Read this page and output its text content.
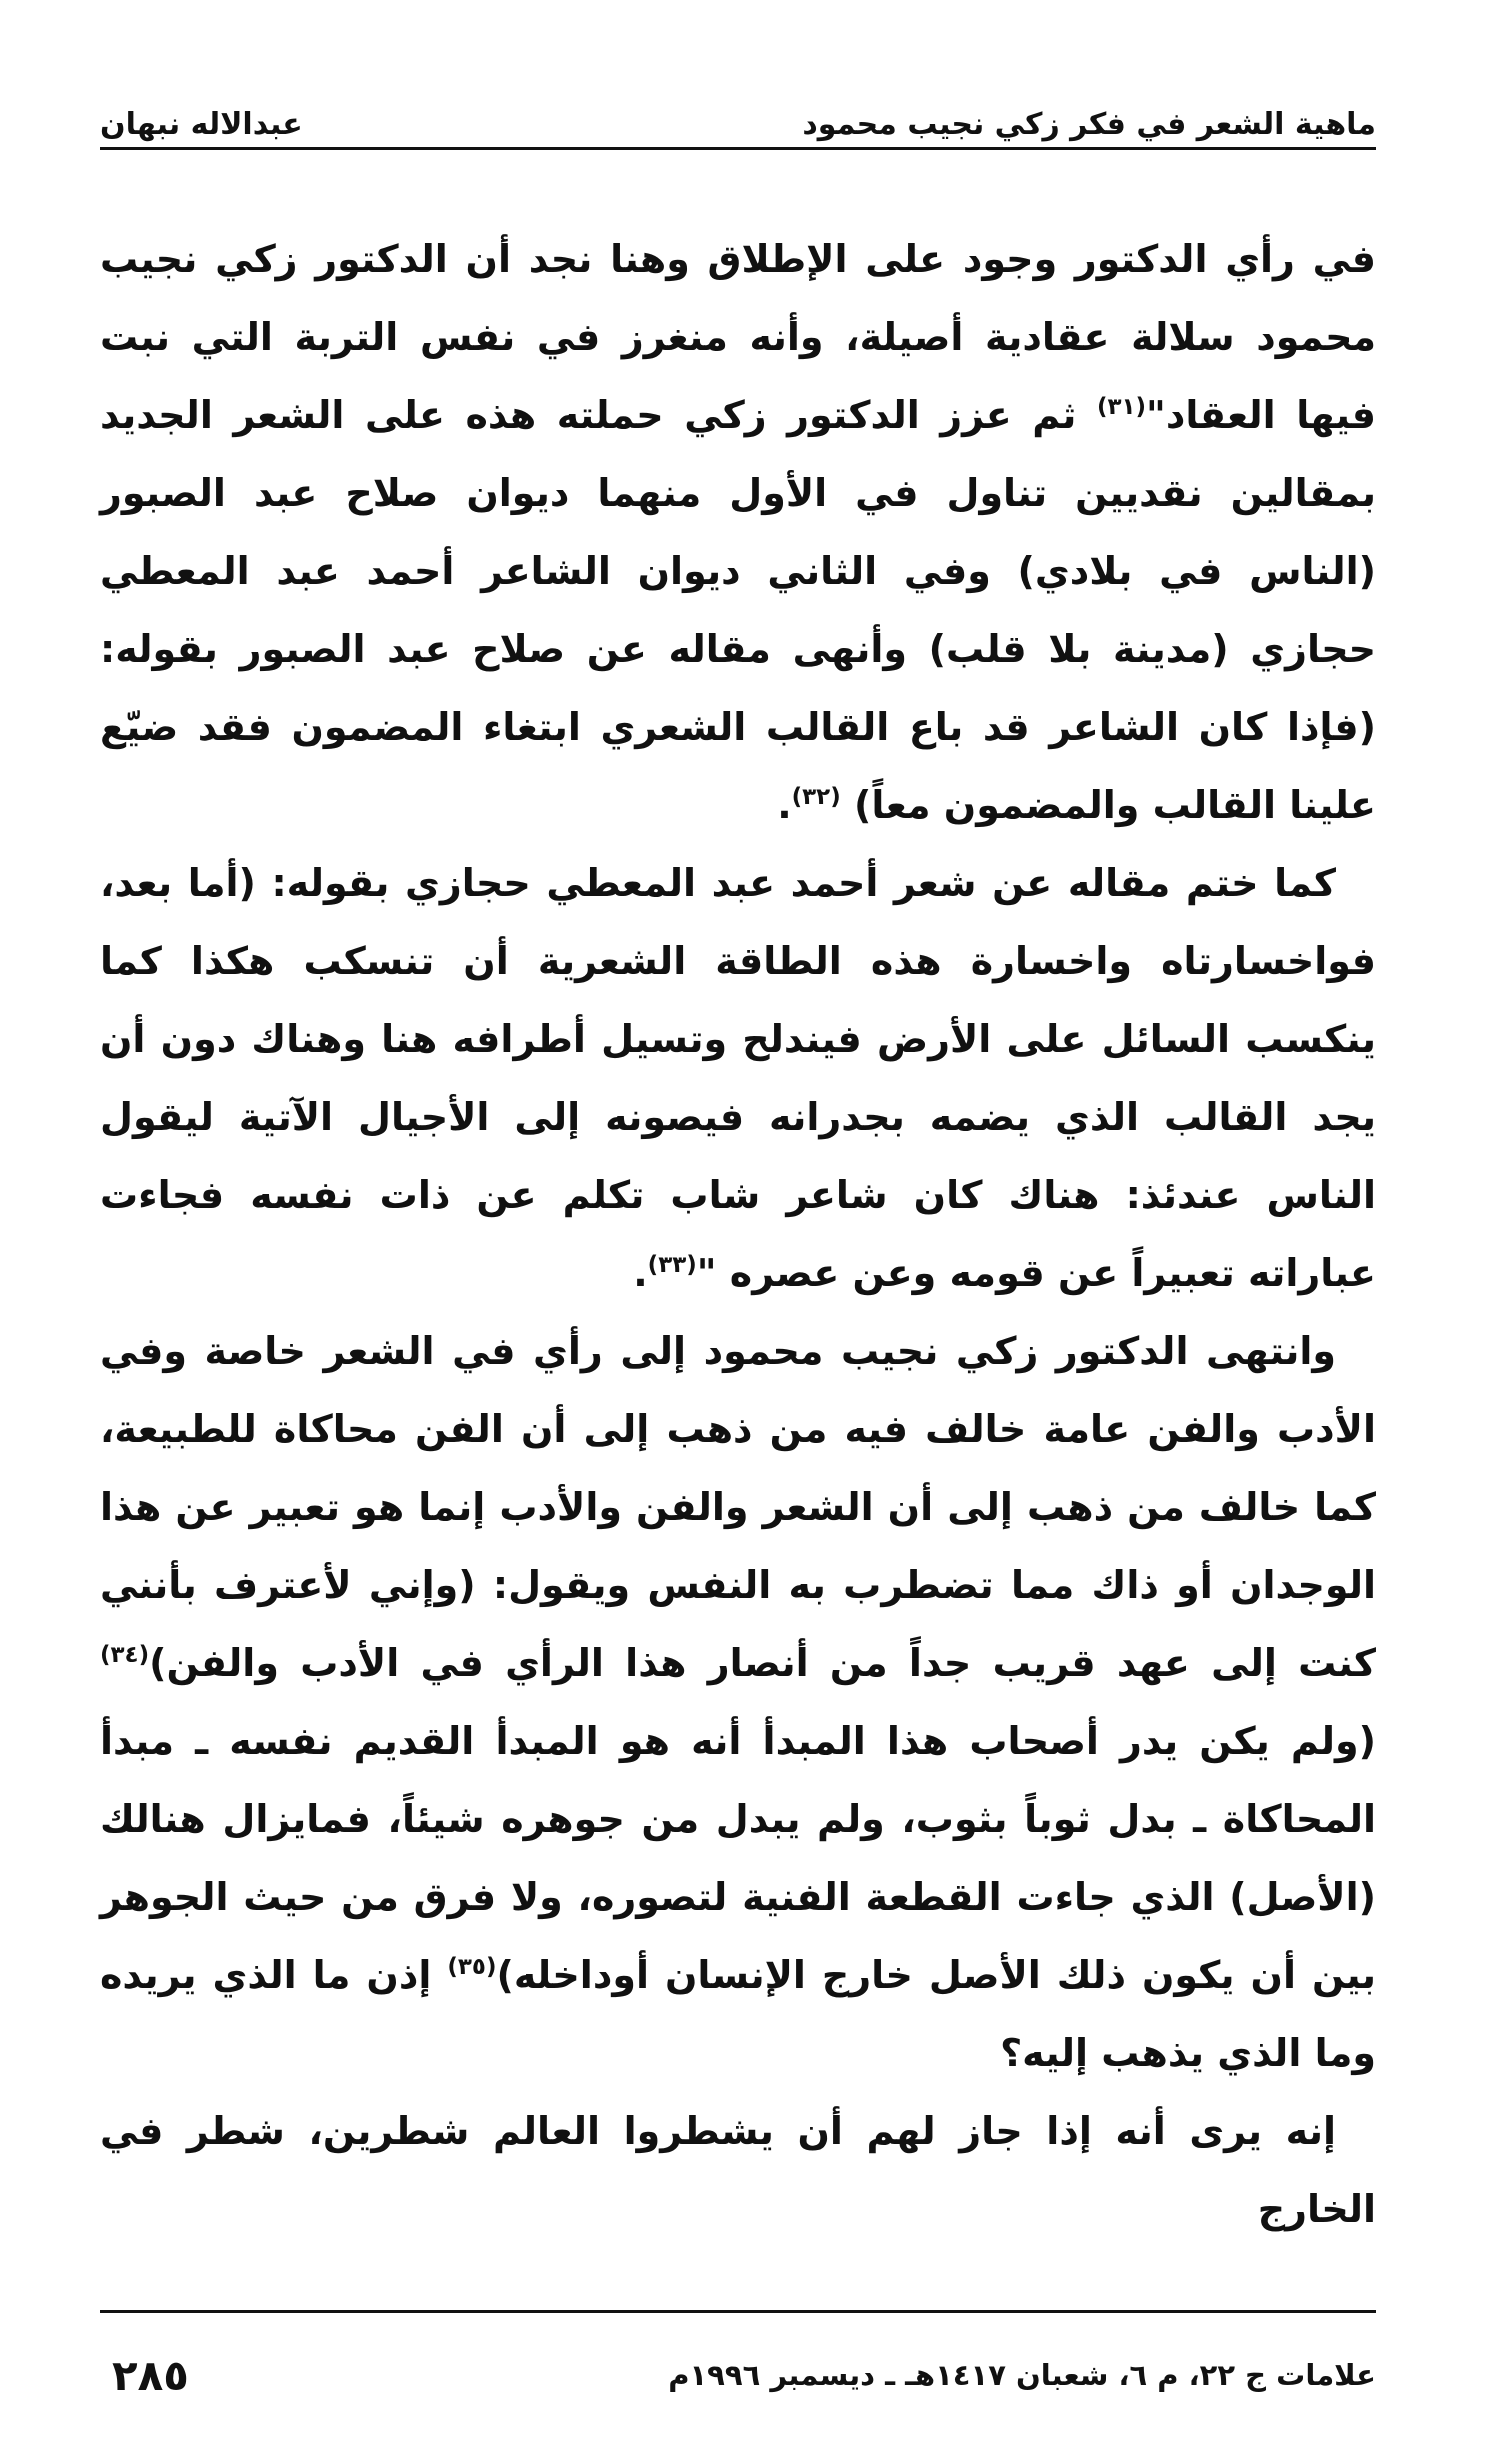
ماهية الشعر في فكر زكي نجيب محمود
عبدالاله نبهان

في رأي الدكتور وجود على الإطلاق وهنا نجد أن الدكتور زكي نجيب محمود سلالة عقادية أصيلة، وأنه منغرز في نفس التربة التي نبت فيها العقاد"$^{(٣١)}$ ثم عزز الدكتور زكي حملته هذه على الشعر الجديد بمقالين نقديين تناول في الأول منهما ديوان صلاح عبد الصبور (الناس في بلادي) وفي الثاني ديوان الشاعر أحمد عبد المعطي حجازي (مدينة بلا قلب) وأنهى مقاله عن صلاح عبد الصبور بقوله: (فإذا كان الشاعر قد باع القالب الشعري ابتغاء المضمون فقد ضيّع علينا القالب والمضمون معاً) $^{(٣٢)}$.

كما ختم مقاله عن شعر أحمد عبد المعطي حجازي بقوله: (أما بعد، فواخسارتاه واخسارة هذه الطاقة الشعرية أن تنسكب هكذا كما ينكسب السائل على الأرض فيندلح وتسيل أطرافه هنا وهناك دون أن يجد القالب الذي يضمه بجدرانه فيصونه إلى الأجيال الآتية ليقول الناس عندئذ: هناك كان شاعر شاب تكلم عن ذات نفسه فجاءت عباراته تعبيراً عن قومه وعن عصره "$^{(٣٣)}$.

وانتهى الدكتور زكي نجيب محمود إلى رأي في الشعر خاصة وفي الأدب والفن عامة خالف فيه من ذهب إلى أن الفن محاكاة للطبيعة، كما خالف من ذهب إلى أن الشعر والفن والأدب إنما هو تعبير عن هذا الوجدان أو ذاك مما تضطرب به النفس ويقول: (وإني لأعترف بأنني كنت إلى عهد قريب جداً من أنصار هذا الرأي في الأدب والفن)$^{(٣٤)}$ (ولم يكن يدر أصحاب هذا المبدأ أنه هو المبدأ القديم نفسه ـ مبدأ المحاكاة ـ بدل ثوباً بثوب، ولم يبدل من جوهره شيئاً، فمايزال هنالك (الأصل) الذي جاءت القطعة الفنية لتصوره، ولا فرق من حيث الجوهر بين أن يكون ذلك الأصل خارج الإنسان أوداخله)$^{(٣٥)}$ إذن ما الذي يريده وما الذي يذهب إليه؟

إنه يرى أنه إذا جاز لهم أن يشطروا العالم شطرين، شطر في الخارج

علامات ج ٢٢، م ٦، شعبان ١٤١٧هـ ـ ديسمبر ١٩٩٦م
٢٨٥
